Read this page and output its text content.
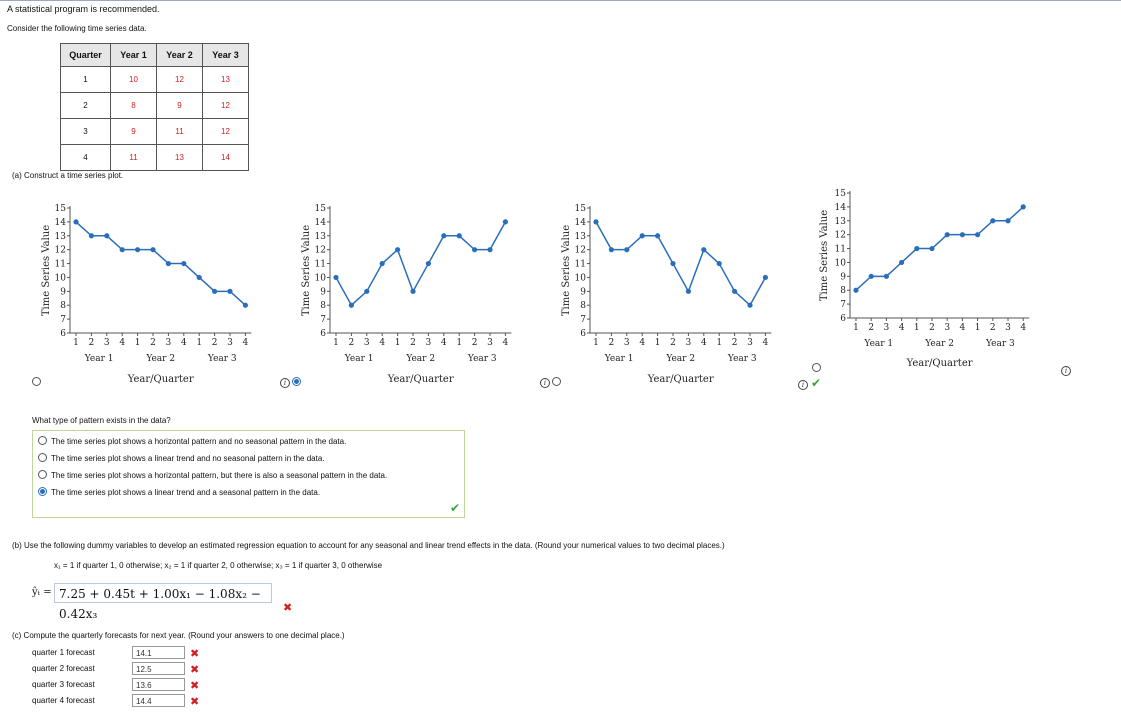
A statistical program is recommended.
Consider the following time series data.
Quarter	Year 1	Year 2	Year 3
1	10	12	13
2	8	9	12
3	9	11	12
4	11	13	14
(a) Construct a time series plot.
6
7
8
9
10
11
12
13
14
15
1 2 3 4 1 2 3 4 1 2 3 4
Year 1	Year 2	Year 3
Year/Quarter
Time Series Value
6
7
8
9
10
11
12
13
14
15
1 2 3 4 1 2 3 4 1 2 3 4
Year 1	Year 2	Year 3
Year/Quarter
Time Series Value
6
7
8
9
10
11
12
13
14
15
1 2 3 4 1 2 3 4 1 2 3 4
Year 1	Year 2	Year 3
Year/Quarter
Time Series Value
6
7
8
9
10
11
12
13
14
15
1 2 3 4 1 2 3 4 1 2 3 4
Year 1	Year 2	Year 3
Year/Quarter
Time Series Value
i	i	i ✔
i
What type of pattern exists in the data?
The time series plot shows a horizontal pattern and no seasonal pattern in the data.
The time series plot shows a linear trend and no seasonal pattern in the data.
The time series plot shows a horizontal pattern, but there is also a seasonal pattern in the data.
The time series plot shows a linear trend and a seasonal pattern in the data.
✔
(b) Use the following dummy variables to develop an estimated regression equation to account for any seasonal and linear trend effects in the data. (Round your numerical values to two decimal places.)
x₁ = 1 if quarter 1, 0 otherwise; x₂ = 1 if quarter 2, 0 otherwise; x₃ = 1 if quarter 3, 0 otherwise
ŷₜ = 7.25 + 0.45t + 1.00x₁ − 1.08x₂ − 0.42x₃	✖
(c) Compute the quarterly forecasts for next year. (Round your answers to one decimal place.)
quarter 1 forecast	14.1	✖
quarter 2 forecast	12.5	✖
quarter 3 forecast	13.6	✖
quarter 4 forecast	14.4	✖
